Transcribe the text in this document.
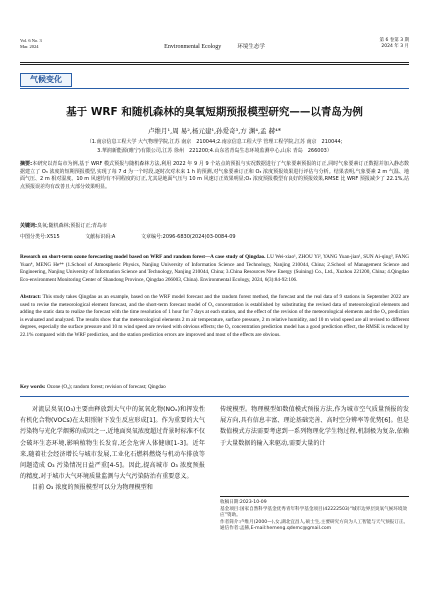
Vol. 6 No. 3
Mar. 2024	Environmental Ecology	环境生态学
第 6 卷第 3 期
2024 年 3 月
气候变化
基于 WRF 和随机森林的臭氧短期预报模型研究——以青岛为例
卢维月¹,周 易²,杨元建¹,孙爱奇³,方 渊⁴,孟 赫⁴*
（1.南京信息工程大学 大气物理学院,江苏 南京　210044;2.南京信息工程大学 管理工程学院,江苏 南京　210044;
3.華润新能源(睢宁)有限公司,江苏 徐州　221200;4.山东省青岛生态环境监测中心,山东 青岛　266003）
摘要:本研究以青岛市为例,基于 WRF 模式预报与随机森林方法,利用 2022 年 9 月 9 个站点的预报与实况数据进行了气象要素预报的订正,同时气象要素订正数据并加入静态数据建立了 O₃ 浓度的短期预报模型,实现了每 7 d 为一个时段,逐时次对未来 1 h 的预测,对气象要素订正和 O₃ 浓度预报效果进行评估与分析。结果表明,气象要素 2 m 气温、地面气压、2 m 相对湿度、10 m 风速均有不同程度的订正,尤其是地面气压与 10 m 风速订正效果明显;O₃ 浓度预报模型有良好的预报效果,RMSE 比 WRF 预报减少了 22.1%,站点预报误差均有改善且大部分效果明显。
关键词:臭氧;随机森林;预报订正;青岛市
中图分类号:X515	文献标识码:A	文章编号:2096-6830(2024)03-0084-09
Research on short-term ozone forecasting model based on WRF and random forest—A case study of Qingdao. LU Wei-xiao¹, ZHOU Yi², YANG Yuan-jian¹, SUN Ai-qing³, FANG Yuan⁴, MENG He⁴* (1.School of Atmospheric Physics, Nanjing University of Information Science and Technology, Nanjing 210044, China; 2.School of Management Science and Engineering, Nanjing University of Information Science and Technology, Nanjing 210044, China; 3.China Resources New Energy (Suining) Co., Ltd., Xuzhou 221200, China; 4.Qingdao Eco-environment Monitoring Center of Shandong Province, Qingdao 266003, China). Environmental Ecology, 2024, 6(3):84-92:106.
Abstract: This study takes Qingdao as an example, based on the WRF model forecast and the random forest method, the forecast and the real data of 9 stations in September 2022 are used to revise the meteorological element forecast, and the short-term forecast model of O₃ concentration is established by substituting the revised data of meteorological elements and adding the static data to realize the forecast with the time resolution of 1 hour for 7 days at each station, and the effect of the revision of the meteorological elements and the O₃ prediction is evaluated and analyzed. The results show that the meteorological elements 2 m air temperature, surface pressure, 2 m relative humidity, and 10 m wind speed are all revised to different degrees, especially the surface pressure and 10 m wind speed are revised with obvious effects; the O₃ concentration prediction model has a good prediction effect, the RMSE is reduced by 22.1% compared with the WRF prediction, and the station prediction errors are improved and most of the effects are obvious.
Key words: Ozone (O₃); random forest; revision of forecast; Qingdao

对流层臭氧(O₃)主要由释放到大气中的氮氧化物(NOₓ)和挥发性有机化合物(VOCs)在太阳照射下发生反应形成[1]。作为重要的大气污染物与光化学烟雾的成因之一,近地面臭氧浓度超过背景时标准不仅会破坏生态环境,影响植物生长发育,还会危害人体健康[1-3]。近年来,随着社会经济增长与城市发展,工业化石燃料燃烧与机动车排放等问题造成 O₃ 污染情况日益严重[4-5]。因此,提高城市 O₃ 浓度预报的精度,对于城市大气环境质量监测与大气污染防治有重要意义。

目前 O₃ 浓度的预报模型可以分为物理模型和

传统模型。物理模型如数值模式预报方法,作为城市空气质量预报的发展方向,具有信息丰富、理论基础完善、高时空分辨率等优势[6]。但是数值模式方法需要考虑到一系列物理化学生物过程,机制极为复杂,依赖于大量数据的输入来驱动,需要大量的计

收稿日期:2023-10-09

基金项目:国家自然科学基金优秀青年科学基金项目(42222503)“城市边界层臭氧气候环境效应”资助。

作者简介:卢维月(2000—),女,湖北宜昌人,硕士生,主要研究方向为人工智能与天气预报订正。

通信作者:孟赫,E-mail:hemeng.qdemc@gmail.com
